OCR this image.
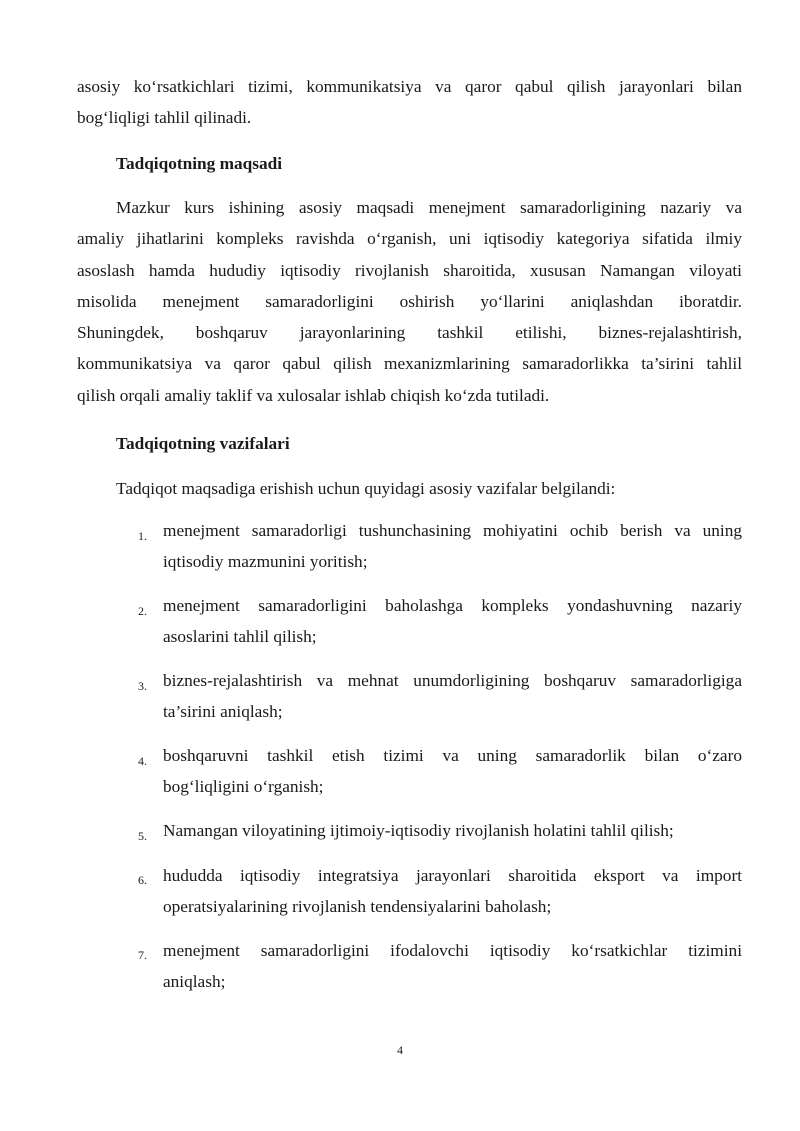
asosiy ko‘rsatkichlari tizimi, kommunikatsiya va qaror qabul qilish jarayonlari bilan
bog‘liqligi tahlil qilinadi.
Tadqiqotning maqsadi
Mazkur kurs ishining asosiy maqsadi menejment samaradorligining nazariy va
amaliy jihatlarini kompleks ravishda o‘rganish, uni iqtisodiy kategoriya sifatida ilmiy
asoslash hamda hududiy iqtisodiy rivojlanish sharoitida, xususan Namangan viloyati
misolida menejment samaradorligini oshirish yo‘llarini aniqlashdan iboratdir.
Shuningdek, boshqaruv jarayonlarining tashkil etilishi, biznes-rejalashtirish,
kommunikatsiya va qaror qabul qilish mexanizmlarining samaradorlikka ta’sirini tahlil
qilish orqali amaliy taklif va xulosalar ishlab chiqish ko‘zda tutiladi.
Tadqiqotning vazifalari
Tadqiqot maqsadiga erishish uchun quyidagi asosiy vazifalar belgilandi:
1. menejment samaradorligi tushunchasining mohiyatini ochib berish va uning
iqtisodiy mazmunini yoritish;
2. menejment samaradorligini baholashga kompleks yondashuvning nazariy
asoslarini tahlil qilish;
3. biznes-rejalashtirish va mehnat unumdorligining boshqaruv samaradorligiga
ta’sirini aniqlash;
4. boshqaruvni tashkil etish tizimi va uning samaradorlik bilan o‘zaro
bog‘liqligini o‘rganish;
5. Namangan viloyatining ijtimoiy-iqtisodiy rivojlanish holatini tahlil qilish;
6. hududda iqtisodiy integratsiya jarayonlari sharoitida eksport va import
operatsiyalarining rivojlanish tendensiyalarini baholash;
7. menejment samaradorligini ifodalovchi iqtisodiy ko‘rsatkichlar tizimini
aniqlash;
4
